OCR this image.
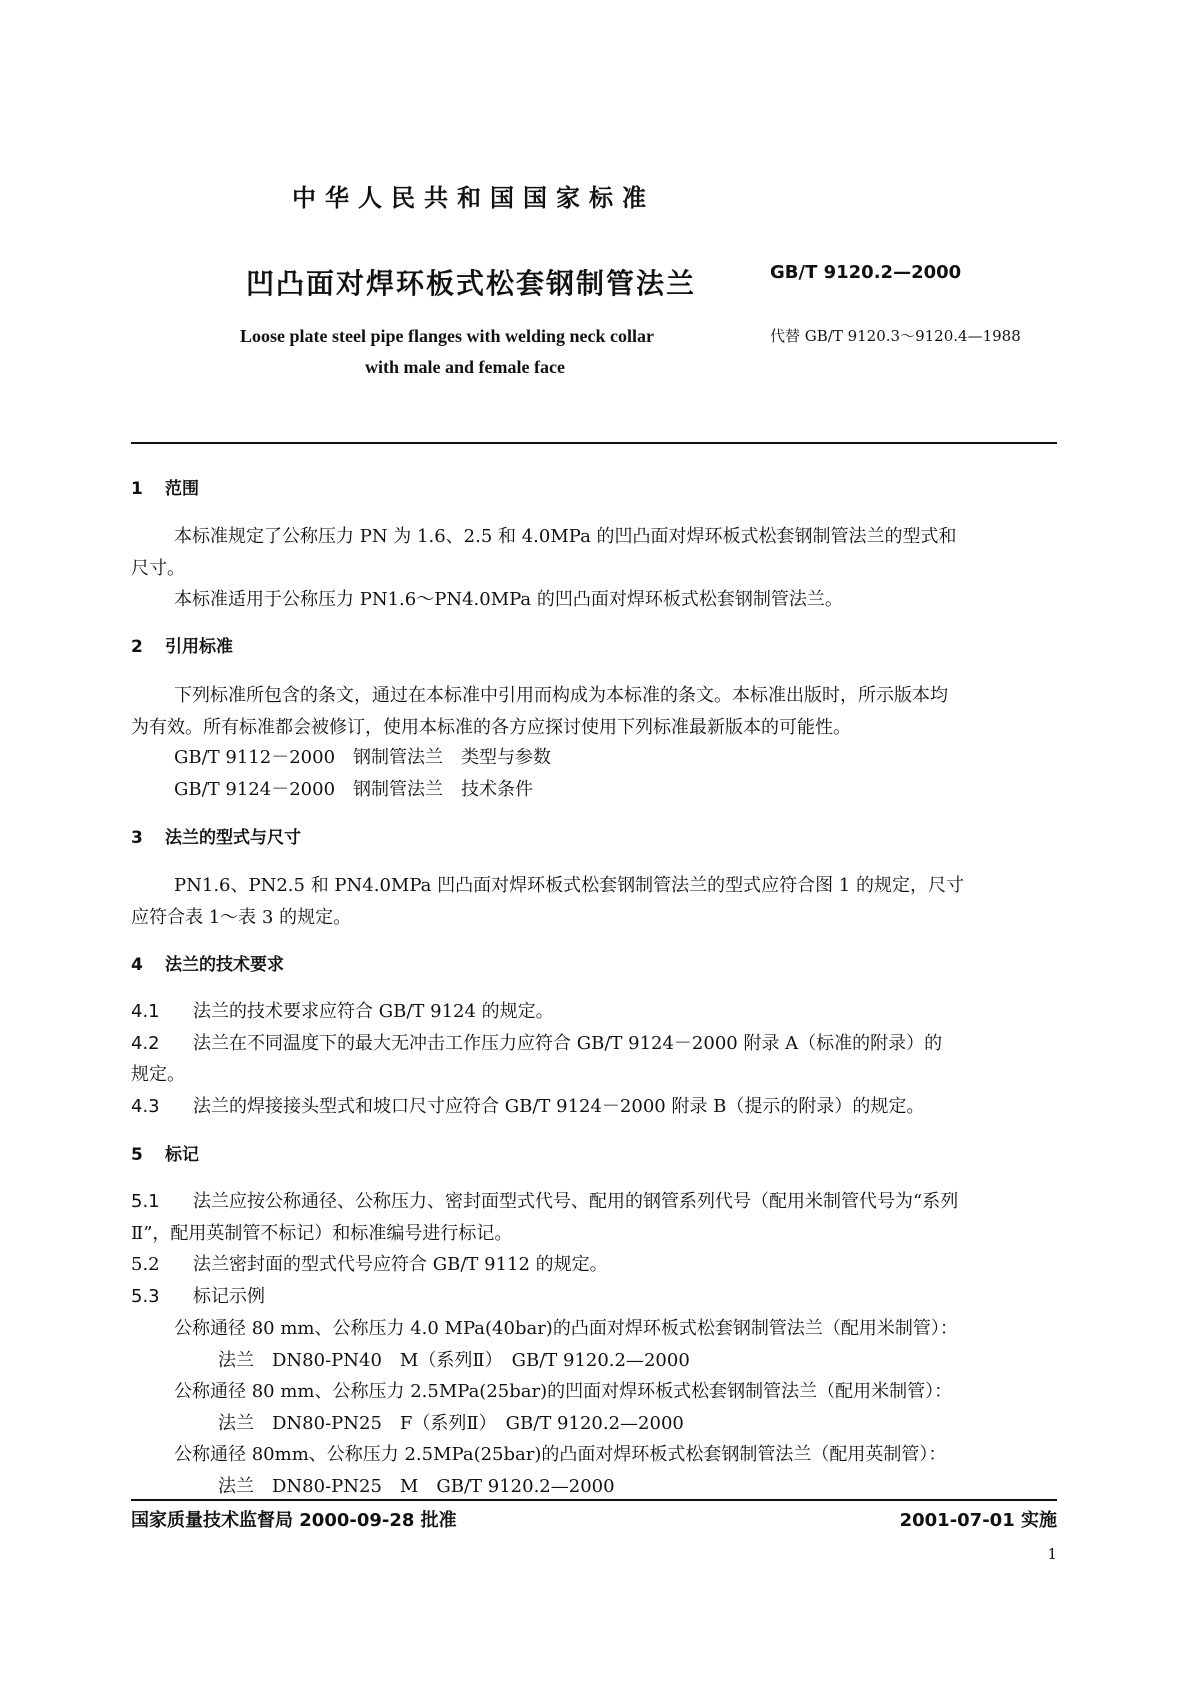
中华人民共和国国家标准
凹凸面对焊环板式松套钢制管法兰	GB/T 9120.2—2000
Loose plate steel pipe flanges with welding neck collar
with male and female face
代替 GB/T 9120.3～9120.4—1988
1 范围
本标准规定了公称压力 PN 为 1.6、2.5 和 4.0MPa 的凹凸面对焊环板式松套钢制管法兰的型式和
尺寸。
本标准适用于公称压力 PN1.6～PN4.0MPa 的凹凸面对焊环板式松套钢制管法兰。
2 引用标准
下列标准所包含的条文，通过在本标准中引用而构成为本标准的条文。本标准出版时，所示版本均
为有效。所有标准都会被修订，使用本标准的各方应探讨使用下列标准最新版本的可能性。
GB/T 9112－2000　钢制管法兰　类型与参数
GB/T 9124－2000　钢制管法兰　技术条件
3 法兰的型式与尺寸
PN1.6、PN2.5 和 PN4.0MPa 凹凸面对焊环板式松套钢制管法兰的型式应符合图 1 的规定，尺寸
应符合表 1～表 3 的规定。
4 法兰的技术要求
4.1 法兰的技术要求应符合 GB/T 9124 的规定。
4.2 法兰在不同温度下的最大无冲击工作压力应符合 GB/T 9124－2000 附录 A（标准的附录）的
规定。
4.3 法兰的焊接接头型式和坡口尺寸应符合 GB/T 9124－2000 附录 B（提示的附录）的规定。
5 标记
5.1 法兰应按公称通径、公称压力、密封面型式代号、配用的钢管系列代号（配用米制管代号为“系列
Ⅱ”，配用英制管不标记）和标准编号进行标记。
5.2 法兰密封面的型式代号应符合 GB/T 9112 的规定。
5.3 标记示例
公称通径 80 mm、公称压力 4.0 MPa(40bar)的凸面对焊环板式松套钢制管法兰（配用米制管）：
法兰　DN80-PN40　M（系列Ⅱ）　GB/T 9120.2—2000
公称通径 80 mm、公称压力 2.5MPa(25bar)的凹面对焊环板式松套钢制管法兰（配用米制管）：
法兰　DN80-PN25　F（系列Ⅱ）　GB/T 9120.2—2000
公称通径 80mm、公称压力 2.5MPa(25bar)的凸面对焊环板式松套钢制管法兰（配用英制管）：
法兰　DN80-PN25　M　GB/T 9120.2—2000
国家质量技术监督局 2000-09-28 批准	2001-07-01 实施
1
